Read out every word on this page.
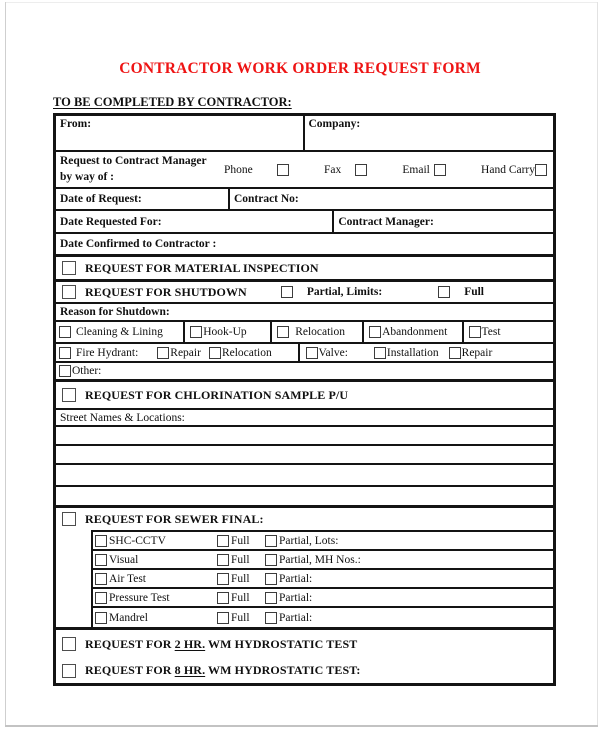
CONTRACTOR WORK ORDER REQUEST FORM
TO BE COMPLETED BY CONTRACTOR:
From:	Company:
Request to Contract Manager by way of :
Phone	Fax	Email	Hand Carry
Date of Request:	Contract No:
Date Requested For:	Contract Manager:
Date Confirmed to Contractor :
REQUEST FOR MATERIAL INSPECTION
REQUEST FOR SHUTDOWN	Partial, Limits:	Full
Reason for Shutdown:
Cleaning & Lining	Hook-Up	Relocation	Abandonment	Test
Fire Hydrant:	Repair Relocation	Valve:	Installation Repair
Other:
REQUEST FOR CHLORINATION SAMPLE P/U
Street Names & Locations:
REQUEST FOR SEWER FINAL:
SHC-CCTV	Full	Partial, Lots:
Visual	Full	Partial, MH Nos.:
Air Test	Full	Partial:
Pressure Test	Full	Partial:
Mandrel	Full	Partial:
REQUEST FOR 2 HR. WM HYDROSTATIC TEST
REQUEST FOR 8 HR. WM HYDROSTATIC TEST:
